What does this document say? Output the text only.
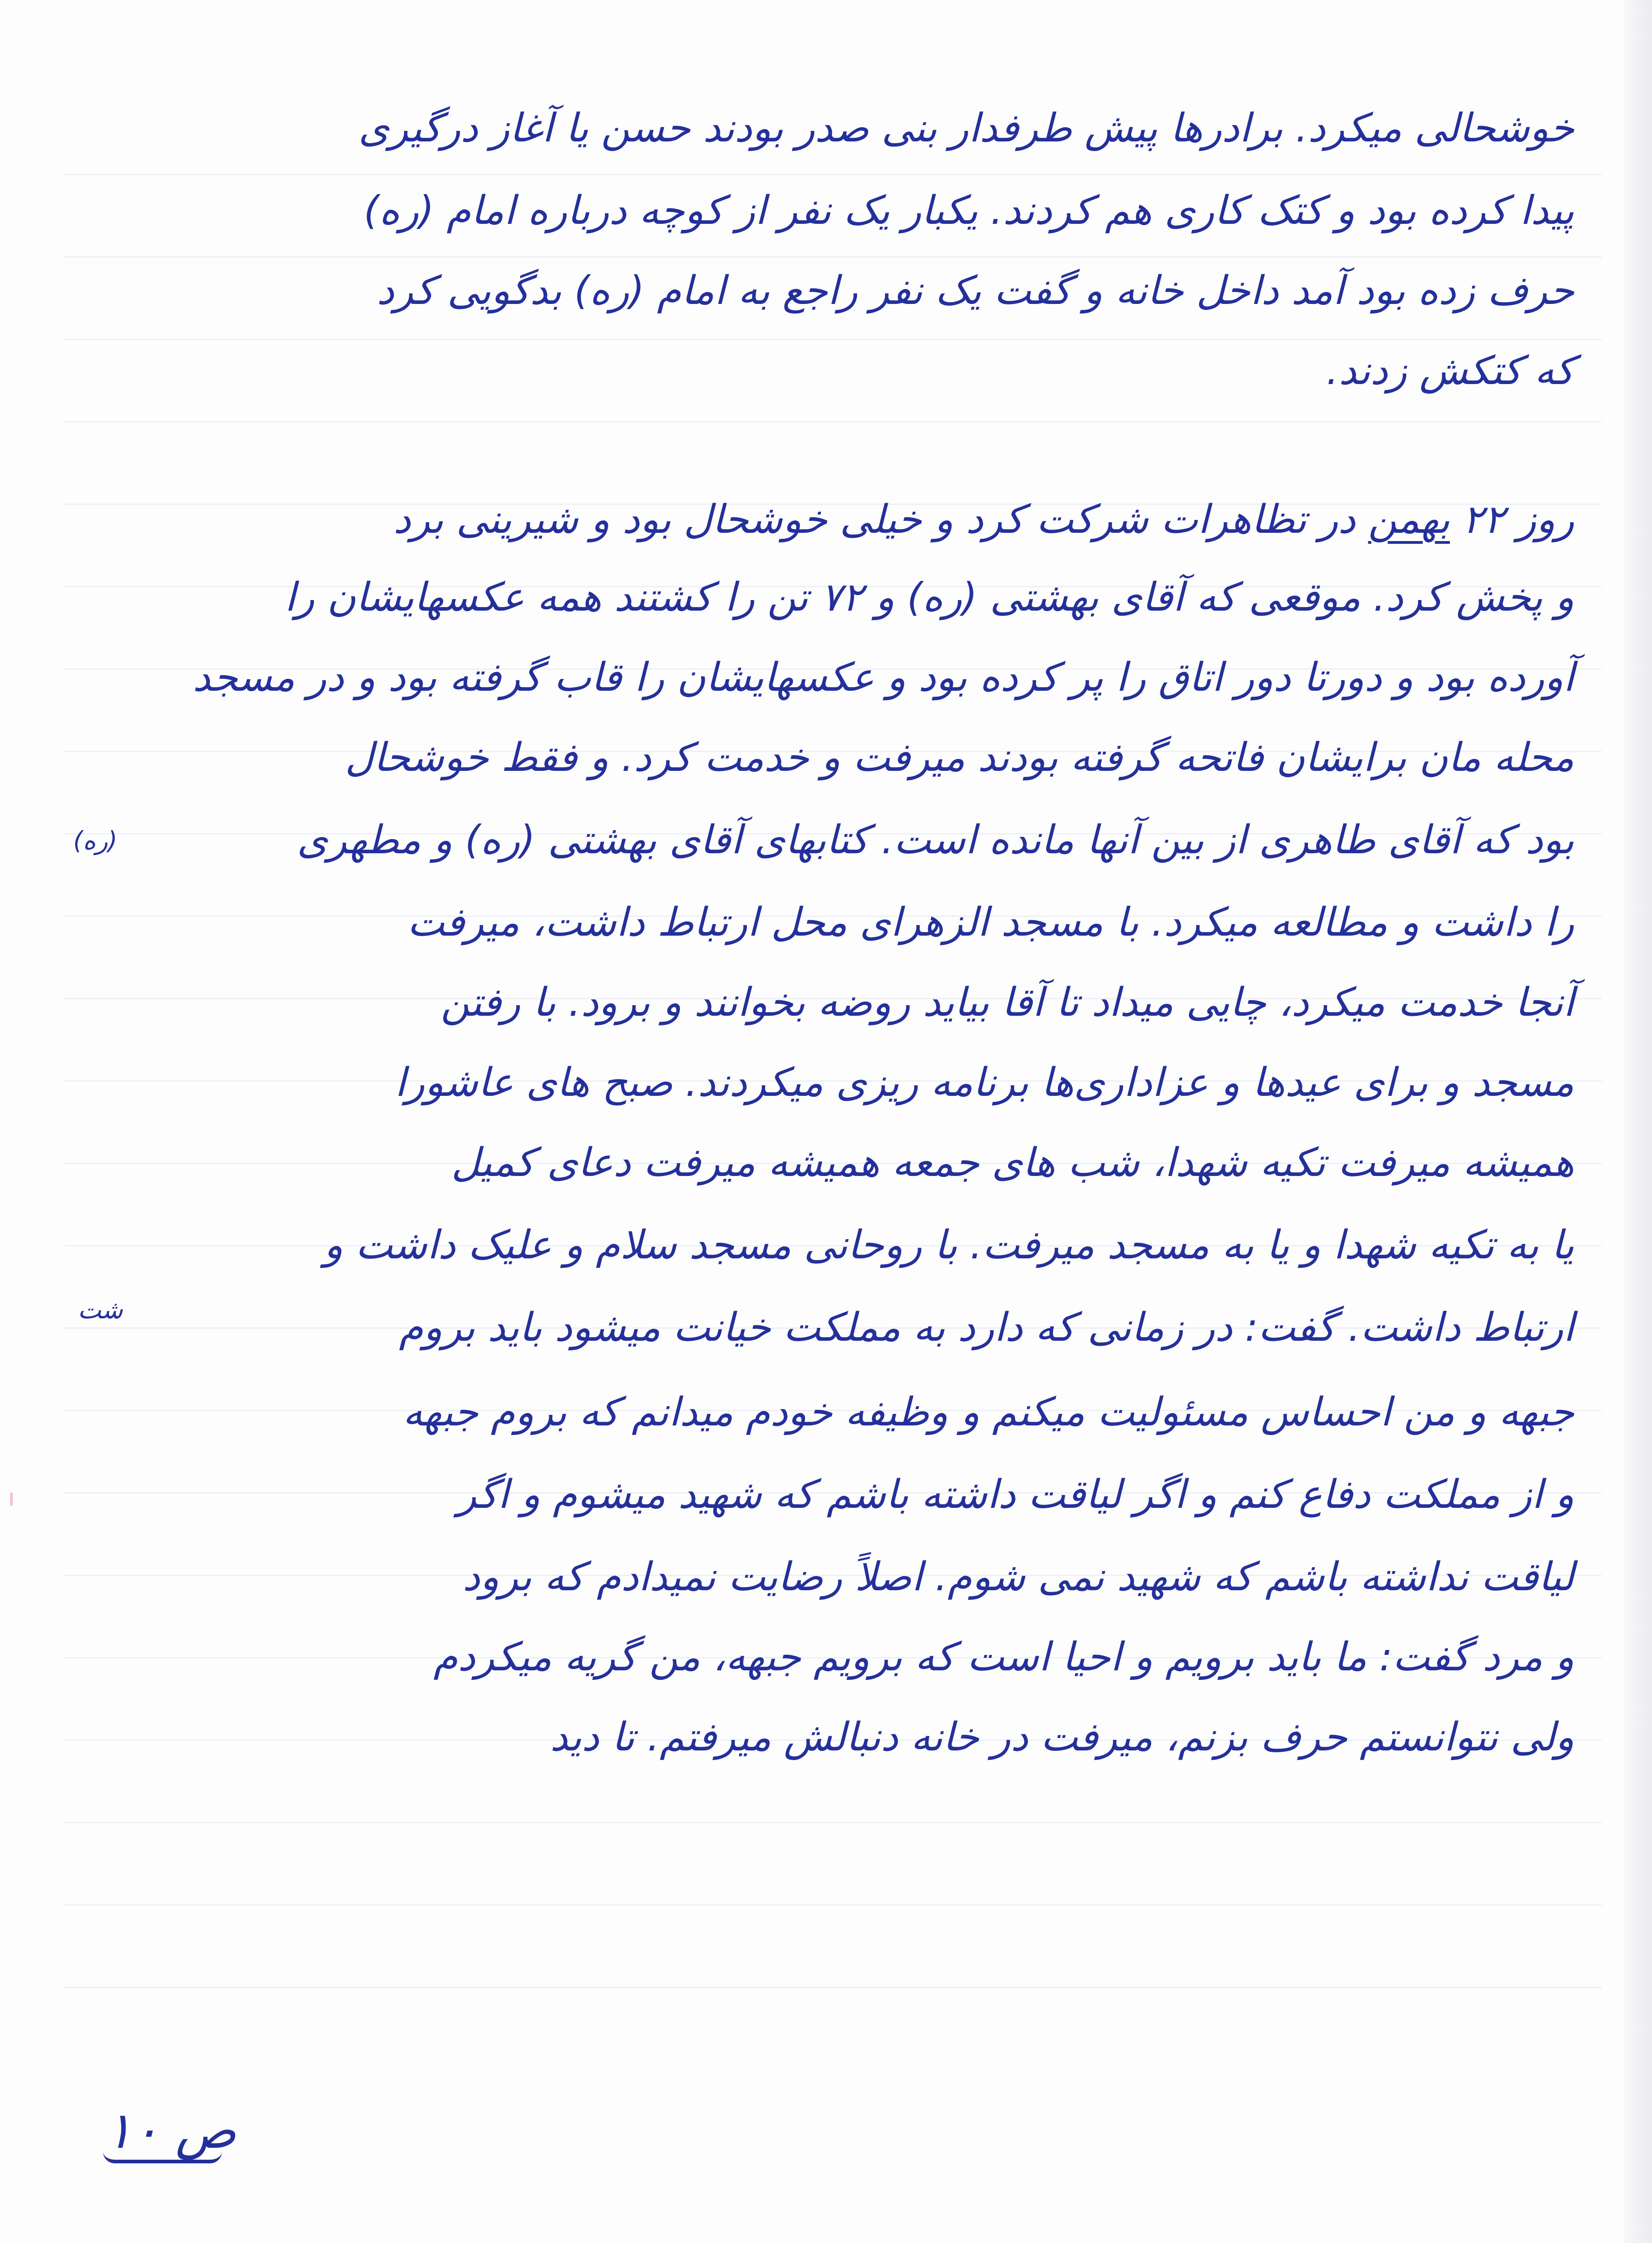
خوشحالی میکرد. برادرها پیش طرفدار بنی صدر بودند حسن یا آغاز درگیری
پیدا کرده بود و کتک کاری هم کردند. یکبار یک نفر از کوچه درباره امام (ره)
حرف زده بود آمد داخل خانه و گفت یک نفر راجع به امام (ره) بدگویی کرد
که کتکش زدند.
روز ۲۲ بهمن در تظاهرات شرکت کرد و خیلی خوشحال بود و شیرینی برد
و پخش کرد. موقعی که آقای بهشتی (ره) و ۷۲ تن را کشتند همه عکسهایشان را
آورده بود و دورتا دور اتاق را پر کرده بود و عکسهایشان را قاب گرفته بود و در مسجد
محله مان برایشان فاتحه گرفته بودند میرفت و خدمت کرد. و فقط خوشحال
بود که آقای طاهری از بین آنها مانده است. کتابهای آقای بهشتی (ره) و مطهری
را داشت و مطالعه میکرد. با مسجد الزهرای محل ارتباط داشت، میرفت
آنجا خدمت میکرد، چایی میداد تا آقا بیاید روضه بخوانند و برود. با رفتن
مسجد و برای عیدها و عزاداری‌ها برنامه ریزی میکردند. صبح های عاشورا
همیشه میرفت تکیه شهدا، شب های جمعه همیشه میرفت دعای کمیل
یا به تکیه شهدا و یا به مسجد میرفت. با روحانی مسجد سلام و علیک داشت و
ارتباط داشت. گفت: در زمانی که دارد به مملکت خیانت میشود باید بروم
جبهه و من احساس مسئولیت میکنم و وظیفه خودم میدانم که بروم جبهه
و از مملکت دفاع کنم و اگر لیاقت داشته باشم که شهید میشوم و اگر
لیاقت نداشته باشم که شهید نمی شوم. اصلاً رضایت نمیدادم که برود
و مرد گفت: ما باید برویم و احیا است که برویم جبهه، من گریه میکردم
ولی نتوانستم حرف بزنم، میرفت در خانه دنبالش میرفتم. تا دید
(ره)
شت
ص ۱۰
